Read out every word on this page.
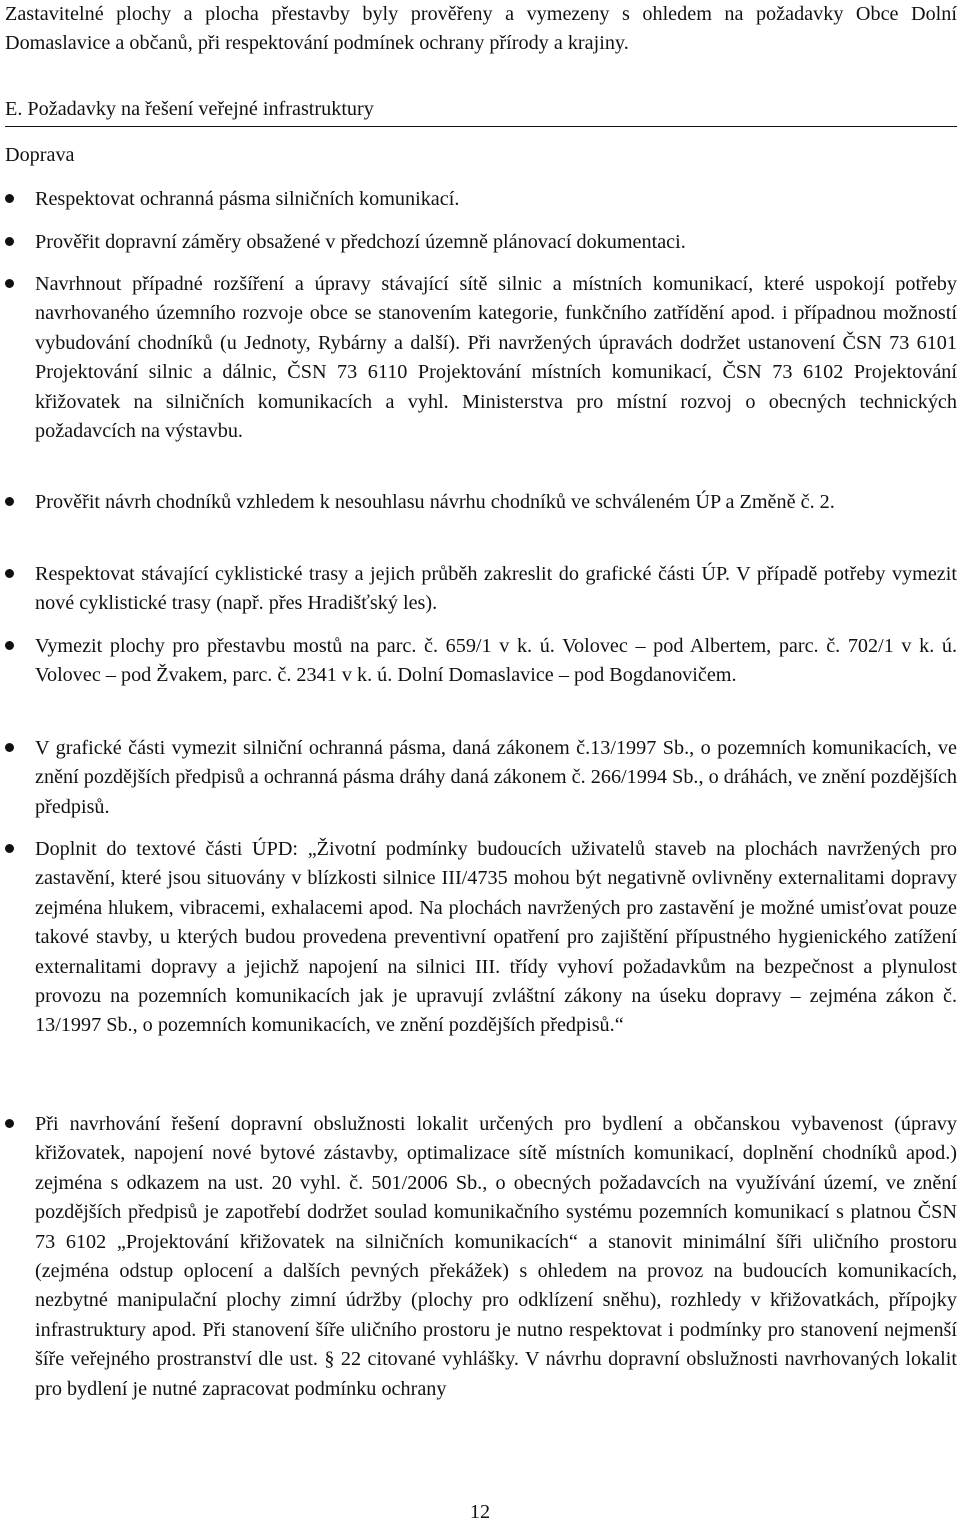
Zastavitelné plochy a plocha přestavby byly prověřeny a vymezeny s ohledem na požadavky Obce Dolní Domaslavice a občanů, při respektování podmínek ochrany přírody a krajiny.

E. Požadavky na řešení veřejné infrastruktury

Doprava

Respektovat ochranná pásma silničních komunikací.

Prověřit dopravní záměry obsažené v předchozí územně plánovací dokumentaci.

Navrhnout případné rozšíření a úpravy stávající sítě silnic a místních komunikací, které uspokojí potřeby navrhovaného územního rozvoje obce se stanovením kategorie, funkčního zatřídění apod. i případnou možností vybudování chodníků (u Jednoty, Rybárny a další). Při navržených úpravách dodržet ustanovení ČSN 73 6101 Projektování silnic a dálnic, ČSN 73 6110 Projektování místních komunikací, ČSN 73 6102 Projektování křižovatek na silničních komunikacích a vyhl. Ministerstva pro místní rozvoj o obecných technických požadavcích na výstavbu.

Prověřit návrh chodníků vzhledem k nesouhlasu návrhu chodníků ve schváleném ÚP a Změně č. 2.

Respektovat stávající cyklistické trasy a jejich průběh zakreslit do grafické části ÚP. V případě potřeby vymezit nové cyklistické trasy (např. přes Hradišťský les).

Vymezit plochy pro přestavbu mostů na parc. č. 659/1 v k. ú. Volovec – pod Albertem, parc. č. 702/1 v k. ú. Volovec – pod Žvakem, parc. č. 2341 v k. ú. Dolní Domaslavice – pod Bogdanovičem.

V grafické části vymezit silniční ochranná pásma, daná zákonem č.13/1997 Sb., o pozemních komunikacích, ve znění pozdějších předpisů a ochranná pásma dráhy daná zákonem č. 266/1994 Sb., o dráhách, ve znění pozdějších předpisů.

Doplnit do textové části ÚPD: „Životní podmínky budoucích uživatelů staveb na plochách navržených pro zastavění, které jsou situovány v blízkosti silnice III/4735 mohou být negativně ovlivněny externalitami dopravy zejména hlukem, vibracemi, exhalacemi apod. Na plochách navržených pro zastavění je možné umisťovat pouze takové stavby, u kterých budou provedena preventivní opatření pro zajištění přípustného hygienického zatížení externalitami dopravy a jejichž napojení na silnici III. třídy vyhoví požadavkům na bezpečnost a plynulost provozu na pozemních komunikacích jak je upravují zvláštní zákony na úseku dopravy – zejména zákon č. 13/1997 Sb., o pozemních komunikacích, ve znění pozdějších předpisů.“

Při navrhování řešení dopravní obslužnosti lokalit určených pro bydlení a občanskou vybavenost (úpravy křižovatek, napojení nové bytové zástavby, optimalizace sítě místních komunikací, doplnění chodníků apod.) zejména s odkazem na ust. 20 vyhl. č. 501/2006 Sb., o obecných požadavcích na využívání území, ve znění pozdějších předpisů je zapotřebí dodržet soulad komunikačního systému pozemních komunikací s platnou ČSN 73 6102 „Projektování křižovatek na silničních komunikacích“ a stanovit minimální šíři uličního prostoru (zejména odstup oplocení a dalších pevných překážek) s ohledem na provoz na budoucích komunikacích, nezbytné manipulační plochy zimní údržby (plochy pro odklízení sněhu), rozhledy v křižovatkách, přípojky infrastruktury apod. Při stanovení šíře uličního prostoru je nutno respektovat i podmínky pro stanovení nejmenší šíře veřejného prostranství dle ust. § 22 citované vyhlášky. V návrhu dopravní obslužnosti navrhovaných lokalit pro bydlení je nutné zapracovat podmínku ochrany

12
